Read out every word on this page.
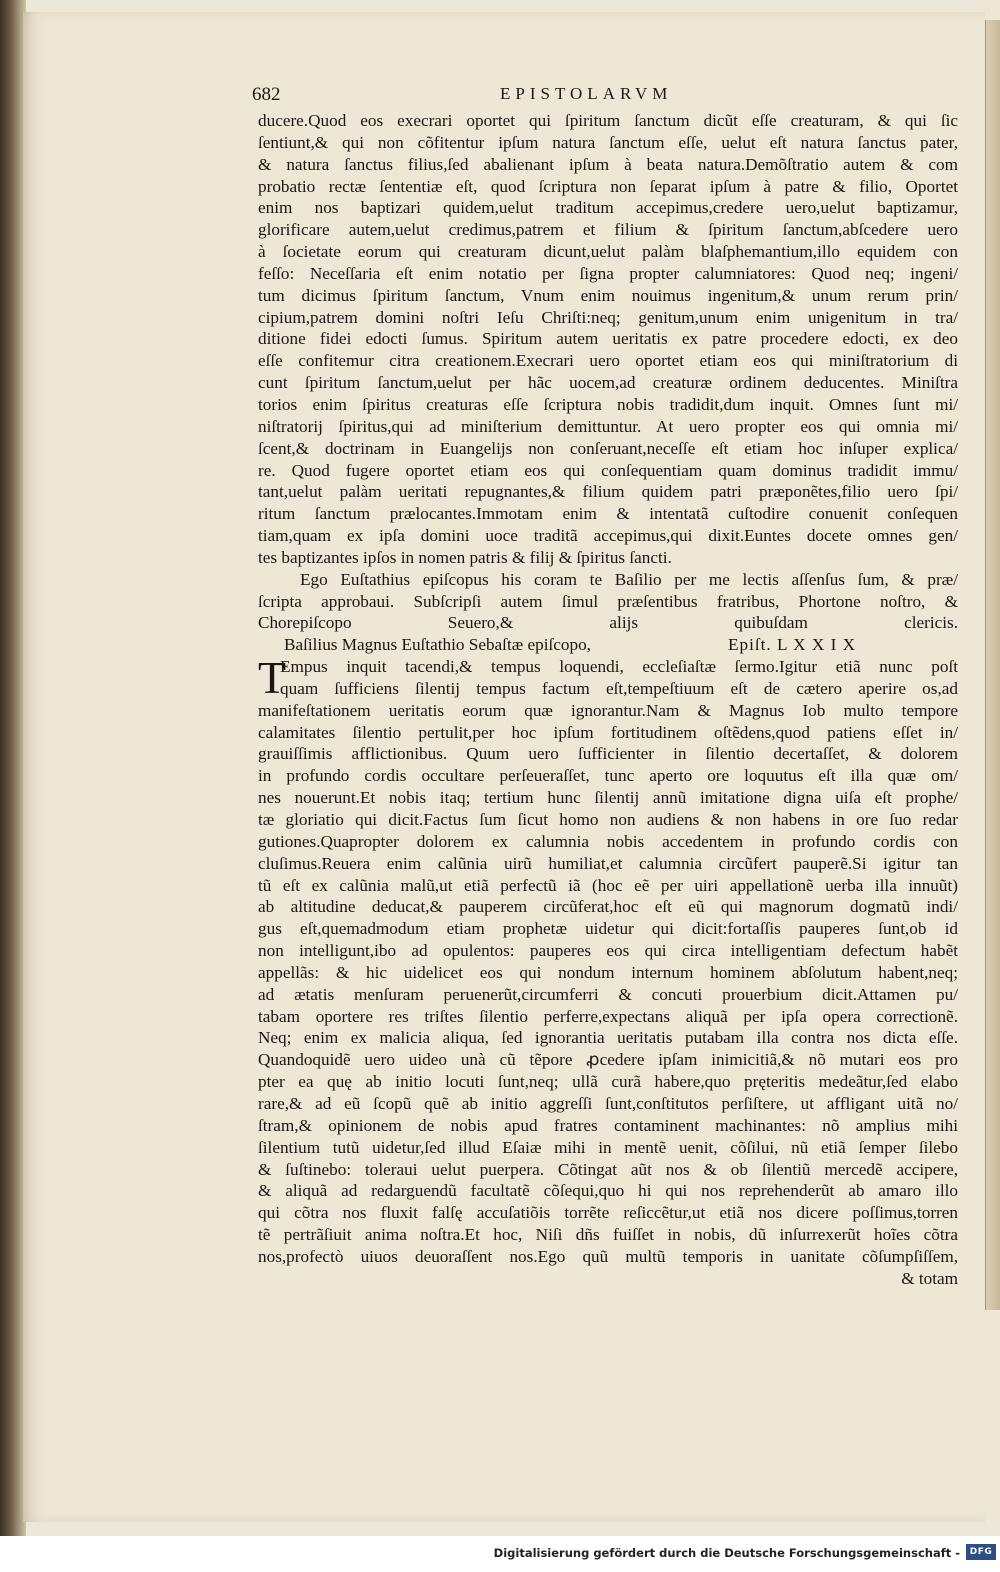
682	EPISTOLARVM
ducere.Quod eos execrari oportet qui ſpiritum ſanctum dicũt eſſe creaturam, & qui ſic
ſentiunt,& qui non cõfitentur ipſum natura ſanctum eſſe, uelut eſt natura ſanctus pater,
& natura ſanctus filius,ſed abalienant ipſum à beata natura.Demõſtratio autem & com
probatio rectæ ſententiæ eſt, quod ſcriptura non ſeparat ipſum à patre & filio, Oportet
enim nos baptizari quidem,uelut traditum accepimus,credere uero,uelut baptizamur,
glorificare autem,uelut credimus,patrem et filium & ſpiritum ſanctum,abſcedere uero
à ſocietate eorum qui creaturam dicunt,uelut palàm blaſphemantium,illo equidem con
feſſo: Neceſſaria eſt enim notatio per ſigna propter calumniatores: Quod neq; ingeni/
tum dicimus ſpiritum ſanctum, Vnum enim nouimus ingenitum,& unum rerum prin/
cipium,patrem domini noſtri Ieſu Chriſti:neq; genitum,unum enim unigenitum in tra/
ditione fidei edocti ſumus. Spiritum autem ueritatis ex patre procedere edocti, ex deo
eſſe confitemur citra creationem.Execrari uero oportet etiam eos qui miniſtratorium di
cunt ſpiritum ſanctum,uelut per hãc uocem,ad creaturæ ordinem deducentes. Miniſtra
torios enim ſpiritus creaturas eſſe ſcriptura nobis tradidit,dum inquit. Omnes ſunt mi/
niſtratorij ſpiritus,qui ad miniſterium demittuntur. At uero propter eos qui omnia mi/
ſcent,& doctrinam in Euangelijs non conſeruant,neceſſe eſt etiam hoc inſuper explica/
re. Quod fugere oportet etiam eos qui conſequentiam quam dominus tradidit immu/
tant,uelut palàm ueritati repugnantes,& filium quidem patri præponẽtes,filio uero ſpi/
ritum ſanctum prælocantes.Immotam enim & intentatã cuſtodire conuenit conſequen
tiam,quam ex ipſa domini uoce traditã accepimus,qui dixit.Euntes docete omnes gen/
tes baptizantes ipſos in nomen patris & filij & ſpiritus ſancti.
Ego Euſtathius epiſcopus his coram te Baſilio per me lectis aſſenſus ſum, & præ/
ſcripta approbaui. Subſcripſi autem ſimul præſentibus fratribus, Phortone noſtro, &
Chorepiſcopo Seuero,& alijs quibuſdam clericis.
Baſilius Magnus Euſtathio Sebaſtæ epiſcopo,	Epiſt. L X X I X
T
Empus inquit tacendi,& tempus loquendi, eccleſiaſtæ ſermo.Igitur etiã nunc poſt
quam ſufficiens ſilentij tempus factum eſt,tempeſtiuum eſt de cætero aperire os,ad
manifeſtationem ueritatis eorum quæ ignorantur.Nam & Magnus Iob multo tempore
calamitates ſilentio pertulit,per hoc ipſum fortitudinem oſtẽdens,quod patiens eſſet in/
grauiſſimis afflictionibus. Quum uero ſufficienter in ſilentio decertaſſet, & dolorem
in profundo cordis occultare perſeueraſſet, tunc aperto ore loquutus eſt illa quæ om/
nes nouerunt.Et nobis itaq; tertium hunc ſilentij annũ imitatione digna uiſa eſt prophe/
tæ gloriatio qui dicit.Factus ſum ſicut homo non audiens & non habens in ore ſuo redar
gutiones.Quapropter dolorem ex calumnia nobis accedentem in profundo cordis con
cluſimus.Reuera enim calũnia uirũ humiliat,et calumnia circũfert pauperẽ.Si igitur tan
tũ eſt ex calũnia malũ,ut etiã perfectũ iã (hoc eẽ per uiri appellationẽ uerba illa innuũt)
ab altitudine deducat,& pauperem circũferat,hoc eſt eũ qui magnorum dogmatũ indi/
gus eſt,quemadmodum etiam prophetæ uidetur qui dicit:fortaſſis pauperes ſunt,ob id
non intelligunt,ibo ad opulentos: pauperes eos qui circa intelligentiam defectum habẽt
appellãs: & hic uidelicet eos qui nondum internum hominem abſolutum habent,neq;
ad ætatis menſuram peruenerũt,circumferri & concuti prouerbium dicit.Attamen pu/
tabam oportere res triſtes ſilentio perferre,expectans aliquã per ipſa opera correctionẽ.
Neq; enim ex malicia aliqua, ſed ignorantia ueritatis putabam illa contra nos dicta eſſe.
Quandoquidẽ uero uideo unà cũ tẽpore ꝓcedere ipſam inimicitiã,& nõ mutari eos pro
pter ea quę ab initio locuti ſunt,neq; ullã curã habere,quo pręteritis medeãtur,ſed elabo
rare,& ad eũ ſcopũ quẽ ab initio aggreſſi ſunt,conſtitutos perſiſtere, ut affligant uitã no/
ſtram,& opinionem de nobis apud fratres contaminent machinantes: nõ amplius mihi
ſilentium tutũ uidetur,ſed illud Eſaiæ mihi in mentẽ uenit, cõſilui, nũ etiã ſemper ſilebo
& ſuſtinebo: toleraui uelut puerpera. Cõtingat aũt nos & ob ſilentiũ mercedẽ accipere,
& aliquã ad redarguendũ facultatẽ cõſequi,quo hi qui nos reprehenderũt ab amaro illo
qui cõtra nos fluxit falſę accuſatiõis torrẽte reſiccẽtur,ut etiã nos dicere poſſimus,torren
tẽ pertrãſiuit anima noſtra.Et hoc, Niſi dñs fuiſſet in nobis, dũ inſurrexerũt hoĩes cõtra
nos,profectò uiuos deuoraſſent nos.Ego quũ multũ temporis in uanitate cõſumpſiſſem,
& totam
Digitalisierung gefördert durch die Deutsche Forschungsgemeinschaft -	DFG
